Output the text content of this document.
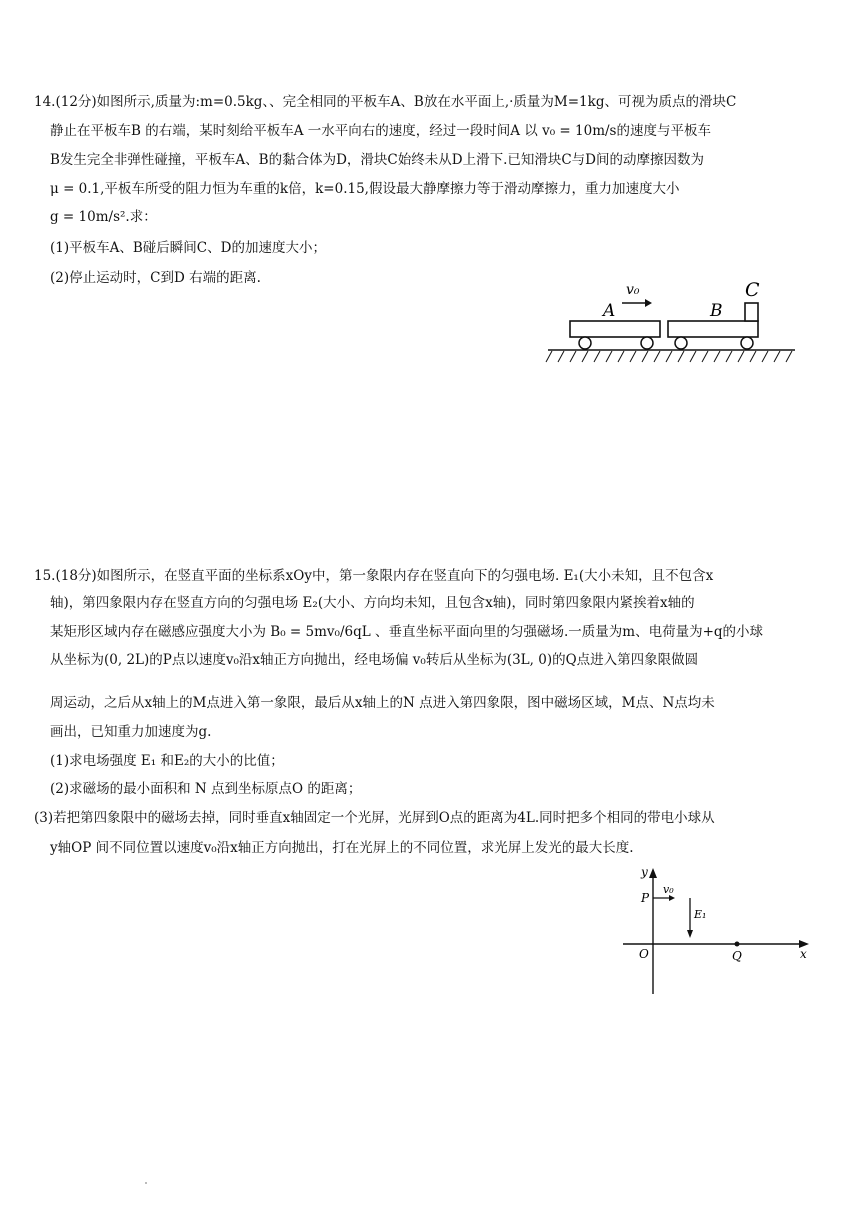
14.(12分)如图所示,质量为:m=0.5kg、、完全相同的平板车A、B放在水平面上,·质量为M=1kg、可视为质点的滑块C
静止在平板车B 的右端，某时刻给平板车A 一水平向右的速度，经过一段时间A 以 v₀ = 10m/s的速度与平板车
B发生完全非弹性碰撞，平板车A、B的黏合体为D，滑块C始终未从D上滑下.已知滑块C与D间的动摩擦因数为
μ = 0.1,平板车所受的阻力恒为车重的k倍，k=0.15,假设最大静摩擦力等于滑动摩擦力，重力加速度大小
g = 10m/s².求：
(1)平板车A、B碰后瞬间C、D的加速度大小；
(2)停止运动时，C到D 右端的距离.
A	B
C
v₀
15.(18分)如图所示，在竖直平面的坐标系xOy中，第一象限内存在竖直向下的匀强电场. E₁(大小未知，且不包含x
轴)，第四象限内存在竖直方向的匀强电场 E₂(大小、方向均未知，且包含x轴)，同时第四象限内紧挨着x轴的
某矩形区域内存在磁感应强度大小为 B₀ = 5mv₀/6qL 、垂直坐标平面向里的匀强磁场.一质量为m、电荷量为+q的小球
从坐标为(0, 2L)的P点以速度v₀沿x轴正方向抛出，经电场偏 v₀转后从坐标为(3L, 0)的Q点进入第四象限做圆
周运动，之后从x轴上的M点进入第一象限，最后从x轴上的N 点进入第四象限，图中磁场区域，M点、N点均未
画出，已知重力加速度为g.
(1)求电场强度 E₁ 和E₂的大小的比值；
(2)求磁场的最小面积和 N 点到坐标原点O 的距离；
(3)若把第四象限中的磁场去掉，同时垂直x轴固定一个光屏，光屏到O点的距离为4L.同时把多个相同的带电小球从
y轴OP 间不同位置以速度v₀沿x轴正方向抛出，打在光屏上的不同位置，求光屏上发光的最大长度.
y
x
O
P
Q
v₀
E₁
